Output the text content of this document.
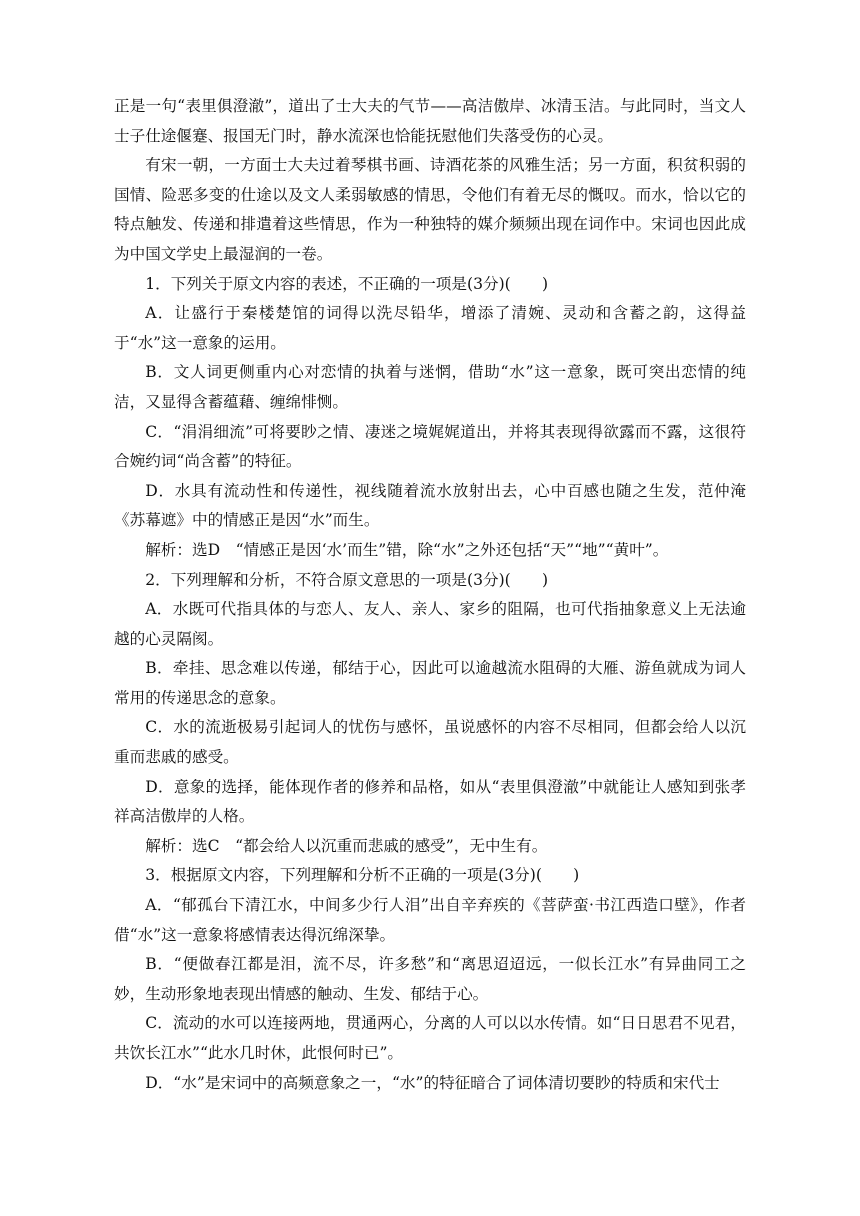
正是一句“表里俱澄澈”，道出了士大夫的气节——高洁傲岸、冰清玉洁。与此同时，当文人士子仕途偃蹇、报国无门时，静水流深也恰能抚慰他们失落受伤的心灵。

有宋一朝，一方面士大夫过着琴棋书画、诗酒花茶的风雅生活；另一方面，积贫积弱的国情、险恶多变的仕途以及文人柔弱敏感的情思，令他们有着无尽的慨叹。而水，恰以它的特点触发、传递和排遣着这些情思，作为一种独特的媒介频频出现在词作中。宋词也因此成为中国文学史上最湿润的一卷。

1．下列关于原文内容的表述，不正确的一项是(3分)(　　)

A．让盛行于秦楼楚馆的词得以洗尽铅华，增添了清婉、灵动和含蓄之韵，这得益于“水”这一意象的运用。

B．文人词更侧重内心对恋情的执着与迷惘，借助“水”这一意象，既可突出恋情的纯洁，又显得含蓄蕴藉、缠绵悱恻。

C．“涓涓细流”可将要眇之情、凄迷之境娓娓道出，并将其表现得欲露而不露，这很符合婉约词“尚含蓄”的特征。

D．水具有流动性和传递性，视线随着流水放射出去，心中百感也随之生发，范仲淹《苏幕遮》中的情感正是因“水”而生。

解析：选D　“情感正是因‘水’而生”错，除“水”之外还包括“天”“地”“黄叶”。

2．下列理解和分析，不符合原文意思的一项是(3分)(　　)

A．水既可代指具体的与恋人、友人、亲人、家乡的阻隔，也可代指抽象意义上无法逾越的心灵隔阂。

B．牵挂、思念难以传递，郁结于心，因此可以逾越流水阻碍的大雁、游鱼就成为词人常用的传递思念的意象。

C．水的流逝极易引起词人的忧伤与感怀，虽说感怀的内容不尽相同，但都会给人以沉重而悲戚的感受。

D．意象的选择，能体现作者的修养和品格，如从“表里俱澄澈”中就能让人感知到张孝祥高洁傲岸的人格。

解析：选C　“都会给人以沉重而悲戚的感受”，无中生有。

3．根据原文内容，下列理解和分析不正确的一项是(3分)(　　)

A．“郁孤台下清江水，中间多少行人泪”出自辛弃疾的《菩萨蛮·书江西造口壁》，作者借“水”这一意象将感情表达得沉绵深挚。

B．“便做春江都是泪，流不尽，许多愁”和“离思迢迢远，一似长江水”有异曲同工之妙，生动形象地表现出情感的触动、生发、郁结于心。

C．流动的水可以连接两地，贯通两心，分离的人可以以水传情。如“日日思君不见君，共饮长江水”“此水几时休，此恨何时已”。

D．“水”是宋词中的高频意象之一，“水”的特征暗合了词体清切要眇的特质和宋代士
